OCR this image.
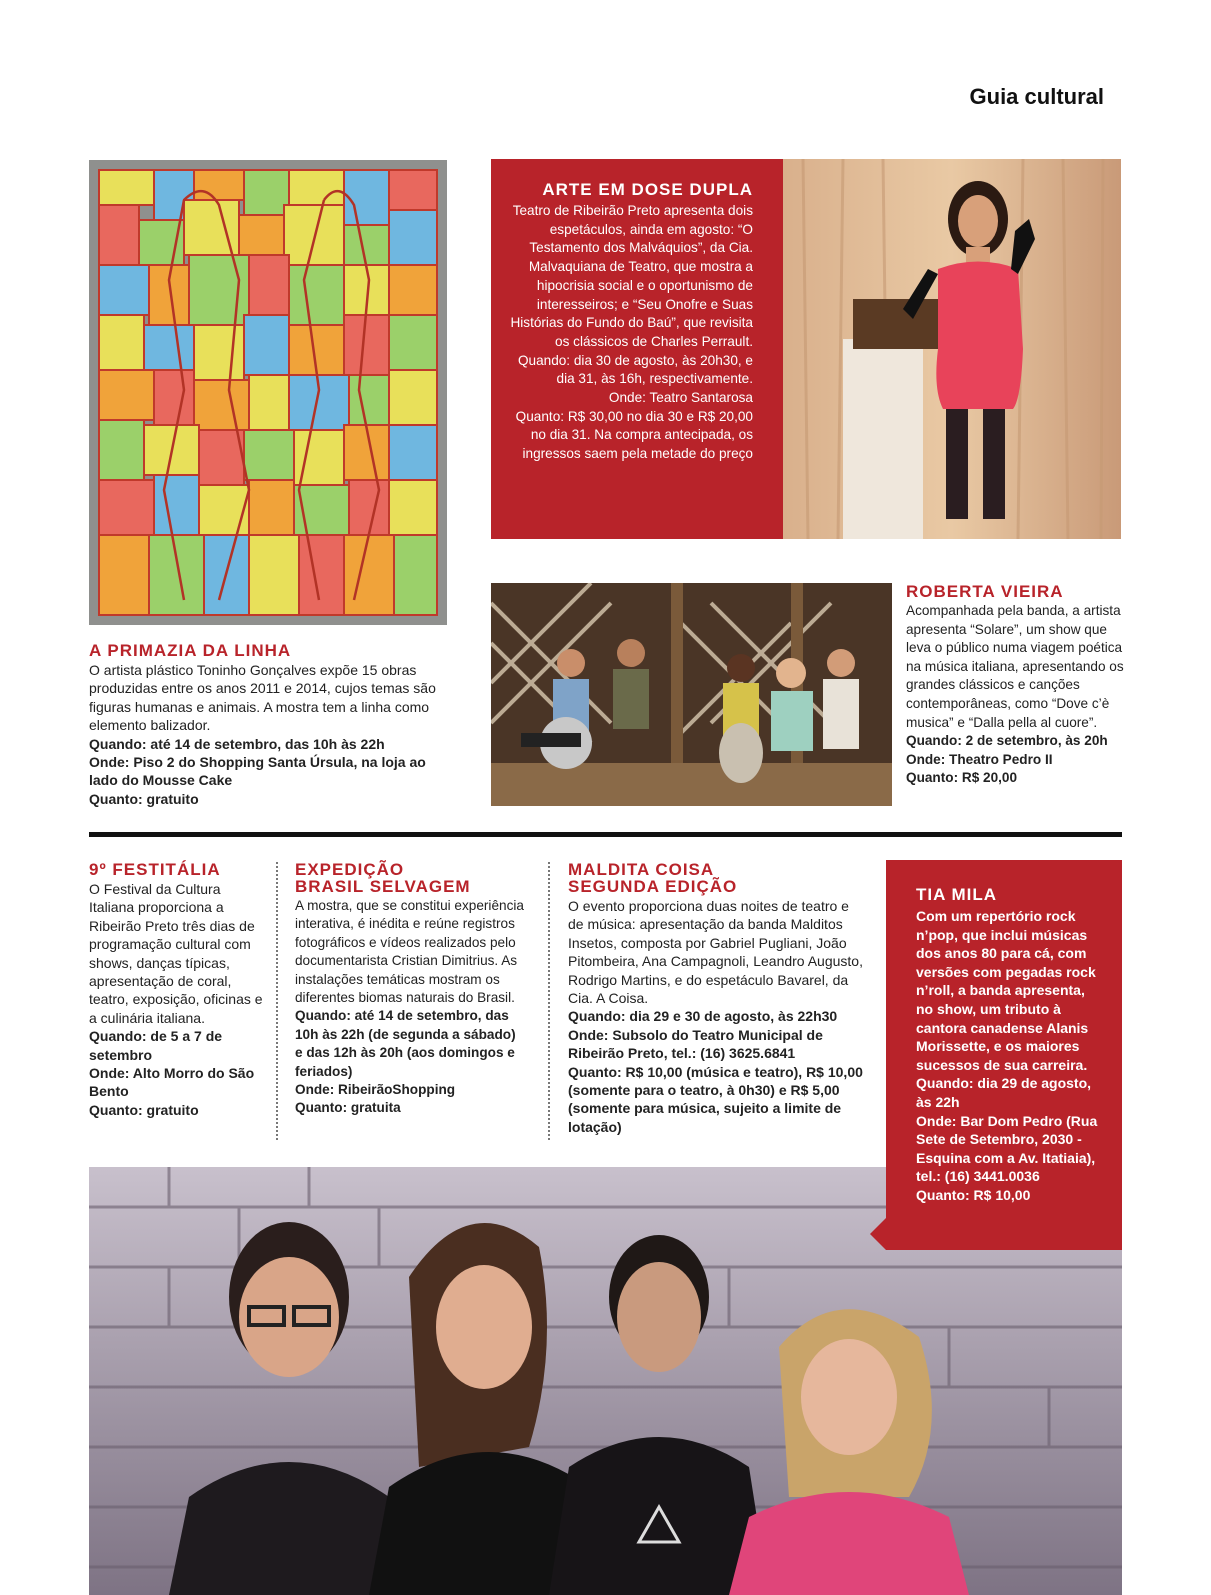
Guia cultural
ARTE EM DOSE DUPLA
Teatro de Ribeirão Preto apresenta dois espetáculos, ainda em agosto: “O Testamento dos Malváquios”, da Cia. Malvaquiana de Teatro, que mostra a hipocrisia social e o oportunismo de interesseiros; e “Seu Onofre e Suas Histórias do Fundo do Baú”, que revisita os clássicos de Charles Perrault.
Quando: dia 30 de agosto, às 20h30, e dia 31, às 16h, respectivamente.
Onde: Teatro Santarosa
Quanto: R$ 30,00 no dia 30 e R$ 20,00 no dia 31. Na compra antecipada, os ingressos saem pela metade do preço
A PRIMAZIA DA LINHA
O artista plástico Toninho Gonçalves expõe 15 obras produzidas entre os anos 2011 e 2014, cujos temas são figuras humanas e animais. A mostra tem a linha como elemento balizador.
Quando: até 14 de setembro, das 10h às 22h
Onde: Piso 2 do Shopping Santa Úrsula, na loja ao lado do Mousse Cake
Quanto: gratuito
ROBERTA VIEIRA
Acompanhada pela banda, a artista apresenta “Solare”, um show que leva o público numa viagem poética na música italiana, apresentando os grandes clássicos e canções contemporâneas, como “Dove c’è musica” e “Dalla pella al cuore”.
Quando: 2 de setembro, às 20h
Onde: Theatro Pedro II
Quanto: R$ 20,00
9º FESTITÁLIA
O Festival da Cultura Italiana proporciona a Ribeirão Preto três dias de programação cultural com shows, danças típicas, apresentação de coral, teatro, exposição, oficinas e a culinária italiana.
Quando: de 5 a 7 de setembro
Onde: Alto Morro do São Bento
Quanto: gratuito
EXPEDIÇÃO
BRASIL SELVAGEM
A mostra, que se constitui experiência interativa, é inédita e reúne registros fotográficos e vídeos realizados pelo documentarista Cristian Dimitrius. As instalações temáticas mostram os diferentes biomas naturais do Brasil.
Quando: até 14 de setembro, das 10h às 22h (de segunda a sábado) e das 12h às 20h (aos domingos e feriados)
Onde: RibeirãoShopping
Quanto: gratuita
MALDITA COISA
SEGUNDA EDIÇÃO
O evento proporciona duas noites de teatro e de música: apresentação da banda Malditos Insetos, composta por Gabriel Pugliani, João Pitombeira, Ana Campagnoli, Leandro Augusto, Rodrigo Martins, e do espetáculo Bavarel, da Cia. A Coisa.
Quando: dia 29 e 30 de agosto, às 22h30
Onde: Subsolo do Teatro Municipal de Ribeirão Preto, tel.: (16) 3625.6841
Quanto: R$ 10,00 (música e teatro), R$ 10,00 (somente para o teatro, à 0h30) e R$ 5,00 (somente para música, sujeito a limite de lotação)
TIA MILA
Com um repertório rock n’pop, que inclui músicas dos anos 80 para cá, com versões com pegadas rock n’roll, a banda apresenta, no show, um tributo à cantora canadense Alanis Morissette, e os maiores sucessos de sua carreira.
Quando: dia 29 de agosto, às 22h
Onde: Bar Dom Pedro (Rua Sete de Setembro, 2030 - Esquina com a Av. Itatiaia), tel.: (16) 3441.0036
Quanto: R$ 10,00
